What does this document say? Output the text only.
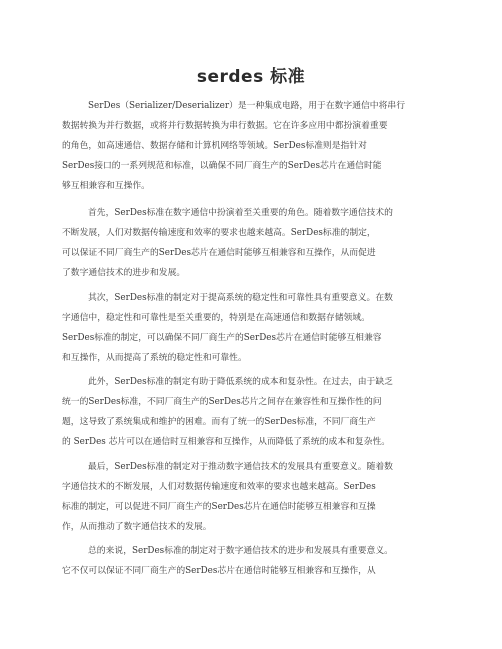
serdes 标准
SerDes（Serializer/Deserializer）是一种集成电路，用于在数字通信中将串行
数据转换为并行数据，或将并行数据转换为串行数据。它在许多应用中都扮演着重要
的角色，如高速通信、数据存储和计算机网络等领域。SerDes标准则是指针对
SerDes接口的一系列规范和标准，以确保不同厂商生产的SerDes芯片在通信时能
够互相兼容和互操作。
首先，SerDes标准在数字通信中扮演着至关重要的角色。随着数字通信技术的
不断发展，人们对数据传输速度和效率的要求也越来越高。SerDes标准的制定，
可以保证不同厂商生产的SerDes芯片在通信时能够互相兼容和互操作，从而促进
了数字通信技术的进步和发展。
其次，SerDes标准的制定对于提高系统的稳定性和可靠性具有重要意义。在数
字通信中，稳定性和可靠性是至关重要的，特别是在高速通信和数据存储领域。
SerDes标准的制定，可以确保不同厂商生产的SerDes芯片在通信时能够互相兼容
和互操作，从而提高了系统的稳定性和可靠性。
此外，SerDes标准的制定有助于降低系统的成本和复杂性。在过去，由于缺乏
统一的SerDes标准，不同厂商生产的SerDes芯片之间存在兼容性和互操作性的问
题，这导致了系统集成和维护的困难。而有了统一的SerDes标准，不同厂商生产
的 SerDes 芯片可以在通信时互相兼容和互操作，从而降低了系统的成本和复杂性。
最后，SerDes标准的制定对于推动数字通信技术的发展具有重要意义。随着数
字通信技术的不断发展，人们对数据传输速度和效率的要求也越来越高。SerDes
标准的制定，可以促进不同厂商生产的SerDes芯片在通信时能够互相兼容和互操
作，从而推动了数字通信技术的发展。
总的来说，SerDes标准的制定对于数字通信技术的进步和发展具有重要意义。
它不仅可以保证不同厂商生产的SerDes芯片在通信时能够互相兼容和互操作，从
